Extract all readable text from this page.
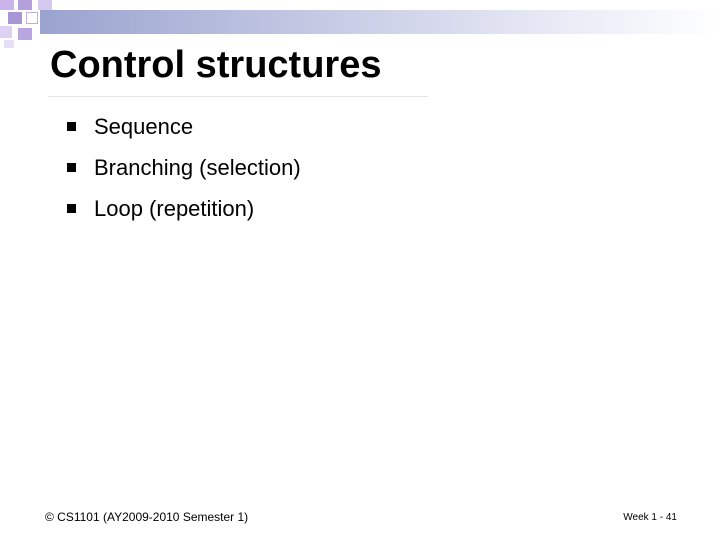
Control structures
Sequence
Branching (selection)
Loop (repetition)
© CS1101 (AY2009-2010 Semester 1)	Week 1 - 41
